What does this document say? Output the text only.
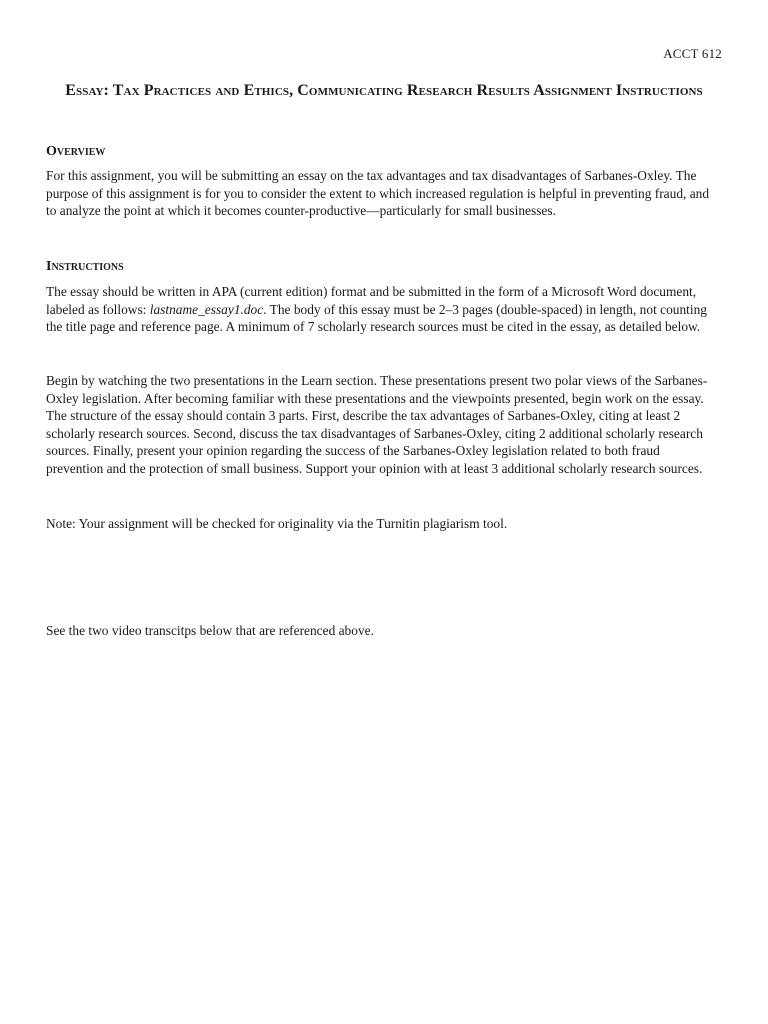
ACCT 612
Essay: Tax Practices and Ethics, Communicating Research Results Assignment Instructions
Overview
For this assignment, you will be submitting an essay on the tax advantages and tax disadvantages of Sarbanes-Oxley. The purpose of this assignment is for you to consider the extent to which increased regulation is helpful in preventing fraud, and to analyze the point at which it becomes counter-productive—particularly for small businesses.
Instructions
The essay should be written in APA (current edition) format and be submitted in the form of a Microsoft Word document, labeled as follows: lastname_essay1.doc. The body of this essay must be 2–3 pages (double-spaced) in length, not counting the title page and reference page. A minimum of 7 scholarly research sources must be cited in the essay, as detailed below.
Begin by watching the two presentations in the Learn section. These presentations present two polar views of the Sarbanes-Oxley legislation. After becoming familiar with these presentations and the viewpoints presented, begin work on the essay. The structure of the essay should contain 3 parts. First, describe the tax advantages of Sarbanes-Oxley, citing at least 2 scholarly research sources. Second, discuss the tax disadvantages of Sarbanes-Oxley, citing 2 additional scholarly research sources. Finally, present your opinion regarding the success of the Sarbanes-Oxley legislation related to both fraud prevention and the protection of small business. Support your opinion with at least 3 additional scholarly research sources.
Note: Your assignment will be checked for originality via the Turnitin plagiarism tool.
See the two video transcitps below that are referenced above.
